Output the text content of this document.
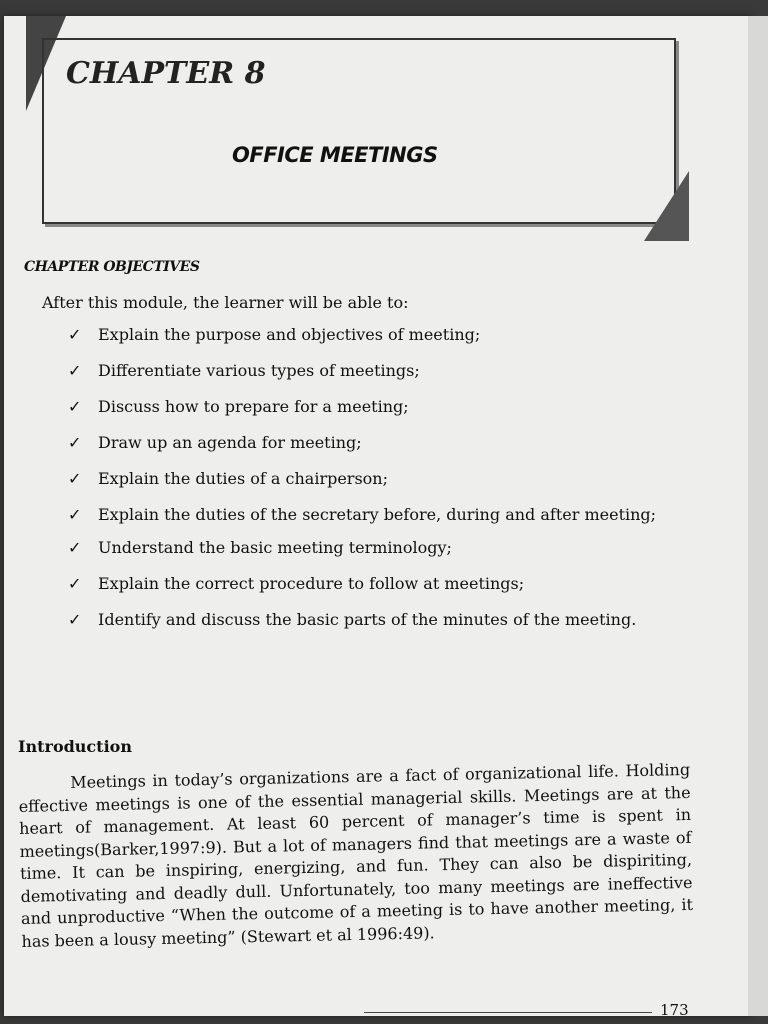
CHAPTER 8
OFFICE MEETINGS
CHAPTER OBJECTIVES
After this module, the learner will be able to:
✓ Explain the purpose and objectives of meeting;
✓ Differentiate various types of meetings;
✓ Discuss how to prepare for a meeting;
✓ Draw up an agenda for meeting;
✓ Explain the duties of a chairperson;
✓ Explain the duties of the secretary before, during and after meeting;
✓ Understand the basic meeting terminology;
✓ Explain the correct procedure to follow at meetings;
✓ Identify and discuss the basic parts of the minutes of the meeting.
Introduction

Meetings in today’s organizations are a fact of organizational life. Holding effective meetings is one of the essential managerial skills. Meetings are at the heart of management. At least 60 percent of manager’s time is spent in meetings(Barker,1997:9). But a lot of managers find that meetings are a waste of time. It can be inspiring, energizing, and fun. They can also be dispiriting, demotivating and deadly dull. Unfortunately, too many meetings are ineffective and unproductive “When the outcome of a meeting is to have another meeting, it has been a lousy meeting” (Stewart et al 1996:49).

173
